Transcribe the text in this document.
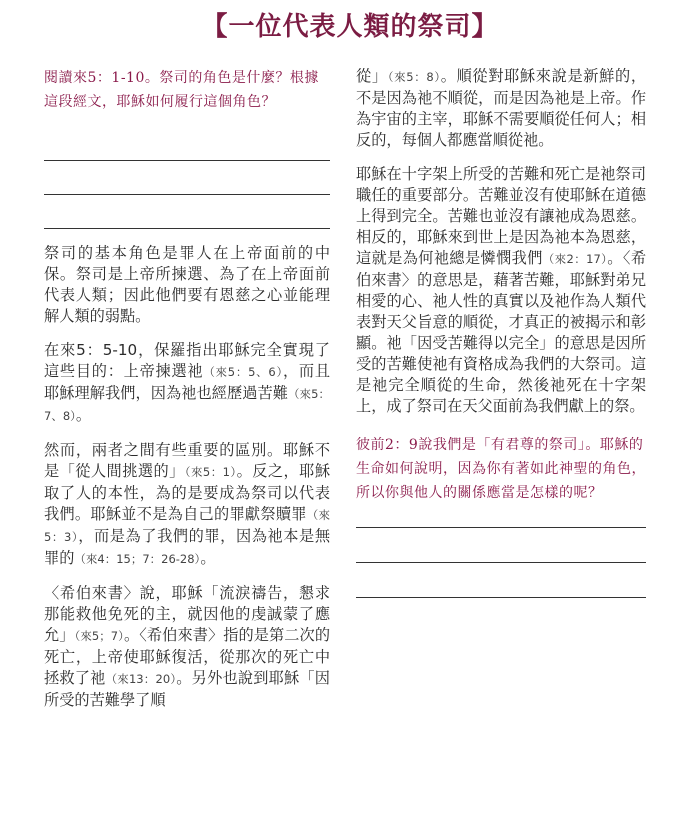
【一位代表人類的祭司】

閱讀來5：1-10。祭司的角色是什麼？根據這段經文，耶穌如何履行這個角色？

祭司的基本角色是罪人在上帝面前的中保。祭司是上帝所揀選、為了在上帝面前代表人類；因此他們要有恩慈之心並能理解人類的弱點。

在來5：5-10，保羅指出耶穌完全實現了這些目的：上帝揀選祂（來5：5、6），而且耶穌理解我們，因為祂也經歷過苦難（來5：7、8）。

然而，兩者之間有些重要的區別。耶穌不是「從人間挑選的」（來5：1）。反之，耶穌取了人的本性，為的是要成為祭司以代表我們。耶穌並不是為自己的罪獻祭贖罪（來5：3），而是為了我們的罪，因為祂本是無罪的（來4：15；7：26-28）。

〈希伯來書〉說，耶穌「流淚禱告，懇求那能救他免死的主，就因他的虔誠蒙了應允」（來5；7）。〈希伯來書〉指的是第二次的死亡，上帝使耶穌復活，從那次的死亡中拯救了祂（來13：20）。另外也說到耶穌「因所受的苦難學了順

從」（來5：8）。順從對耶穌來說是新鮮的，不是因為祂不順從，而是因為祂是上帝。作為宇宙的主宰，耶穌不需要順從任何人；相反的，每個人都應當順從祂。

耶穌在十字架上所受的苦難和死亡是祂祭司職任的重要部分。苦難並沒有使耶穌在道德上得到完全。苦難也並沒有讓祂成為恩慈。相反的，耶穌來到世上是因為祂本為恩慈，這就是為何祂總是憐憫我們（來2：17）。〈希伯來書〉的意思是，藉著苦難，耶穌對弟兄相愛的心、祂人性的真實以及祂作為人類代表對天父旨意的順從，才真正的被揭示和彰顯。祂「因受苦難得以完全」的意思是因所受的苦難使祂有資格成為我們的大祭司。這是祂完全順從的生命，然後祂死在十字架上，成了祭司在天父面前為我們獻上的祭。

彼前2：9說我們是「有君尊的祭司」。耶穌的生命如何說明，因為你有著如此神聖的角色，所以你與他人的關係應當是怎樣的呢？
